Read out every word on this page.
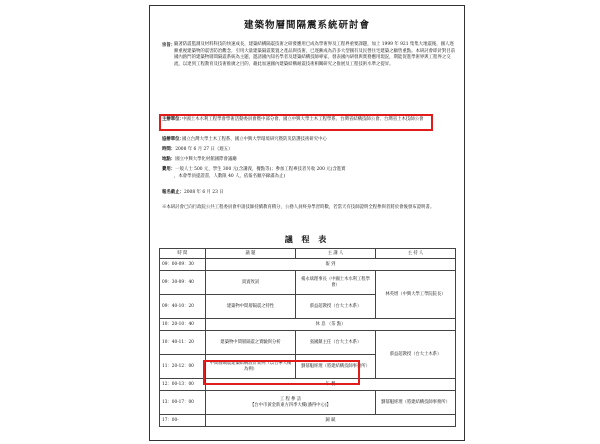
建築物層間隔震系統研討會
宗旨：
隨著防震監測及材料科技的快速成長，建築結構隔震技術之研發應用已成為學術界及工程界重要課題，加上 1999 年 921 集集大地震後，國人逐漸重視建築物的震害防治觀念，引用大量建築隔震裝置之產品與技術，已逐漸成為許多大型國有及民營住宅建築之顧售重點。本研討會即針對目前國內熱門的建築物層間隔震系統為主題，邀請國內知名學者及建築結構技師專家，發表國內研發與實務應用現況，期能促進學術界與工程界之交流，以達到工程教育及技術推廣之目的，藉此加速國內建築結構耐震技術相關研究之推展及工程技術水準之提昇。
主辦單位：
中國土木水利工程學會學術活動委員會暨中部分會、國立中興大學土木工程學系、台灣省結構技師公會、台灣省土木技師公會
協辦單位：
國立台灣大學土木工程系、國立中興大學環境研究暨防災防護技術研究中心
時間：2008 年 6 月 27 日（週五）
地點：國立中興大學化材館國際會議廳
費用：一般人士 500 元，學生 300 元(含講義，餐點等)；參加工程專技者另收 200 元(含進實
，本會學員提證書，人數限 40 人，依報名順序錄滿為止)
報名截止：2008 年 6 月 23 日
※本研討會已向行政院公共工程委員會申請技師持續教育積分，公務人員終身學習時數，若當天有技師證明全程參與者將於會後發布證明書。
議 程 表
時 間	議 題	主 講 人	主 持 人
09：00-09：30	報 到		
09：30-09：40	貴賓致詞	楊永斌理事長（中國土木水利工程學會）	林英增（中興大學工學院院長）
09：40-10：20	建築物中間層隔震之特性	蔡益超教授（台大土木系）	
10：20-10：40	休 息 （茶 點）		
10：40-11：20	建築物中間層隔震之實驗與分析	張國鎮主任（台大土木系）	蔡益超教授（台大土木系）
11：20-12：00	中間層隔震建築結構設計實例（以台寧大樓為例）	劉郁魁經理（將建結構技師事務所）	
12：00-13：00	午 餐		
13：00-17：00	工 程 參 訪
【台中市黃金新東方四季大樓(潘得中心)】		劉郁魁經理（將建結構技師事務所）
17：00-	歸 賦		
